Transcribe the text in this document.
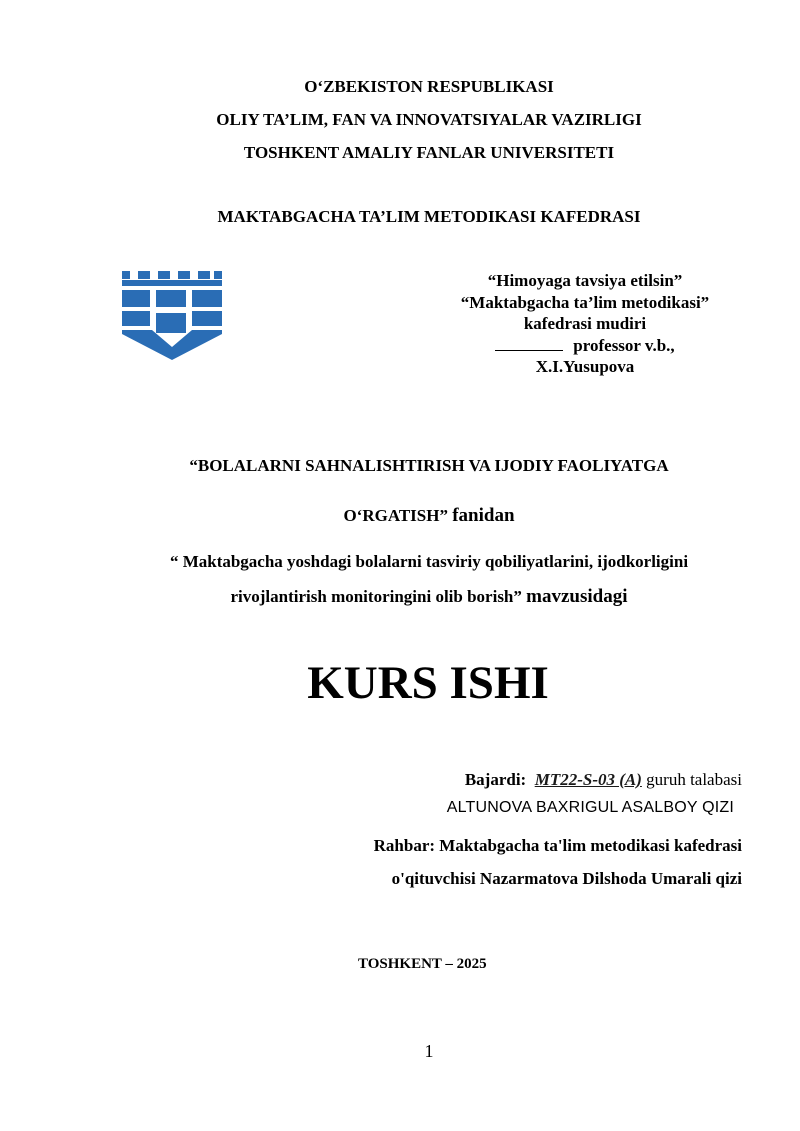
O‘ZBEKISTON RESPUBLIKASI
OLIY TA’LIM, FAN VA INNOVATSIYALAR VAZIRLIGI
TOSHKENT AMALIY FANLAR UNIVERSITETI
MAKTABGACHA TA’LIM METODIKASI KAFEDRASI
“Himoyaga tavsiya etilsin”
“Maktabgacha ta’lim metodikasi”
kafedrasi mudiri
professor v.b.,
X.I.Yusupova
“BOLALARNI SAHNALISHTIRISH VA IJODIY FAOLIYATGA
O‘RGATISH” fanidan
“ Maktabgacha yoshdagi bolalarni tasviriy qobiliyatlarini, ijodkorligini
rivojlantirish monitoringini olib borish” mavzusidagi
KURS ISHI
Bajardi: MT22-S-03 (A) guruh talabasi
ALTUNOVA BAXRIGUL ASALBOY QIZI
Rahbar: Maktabgacha ta'lim metodikasi kafedrasi
o'qituvchisi Nazarmatova Dilshoda Umarali qizi
TOSHKENT – 2025
1
